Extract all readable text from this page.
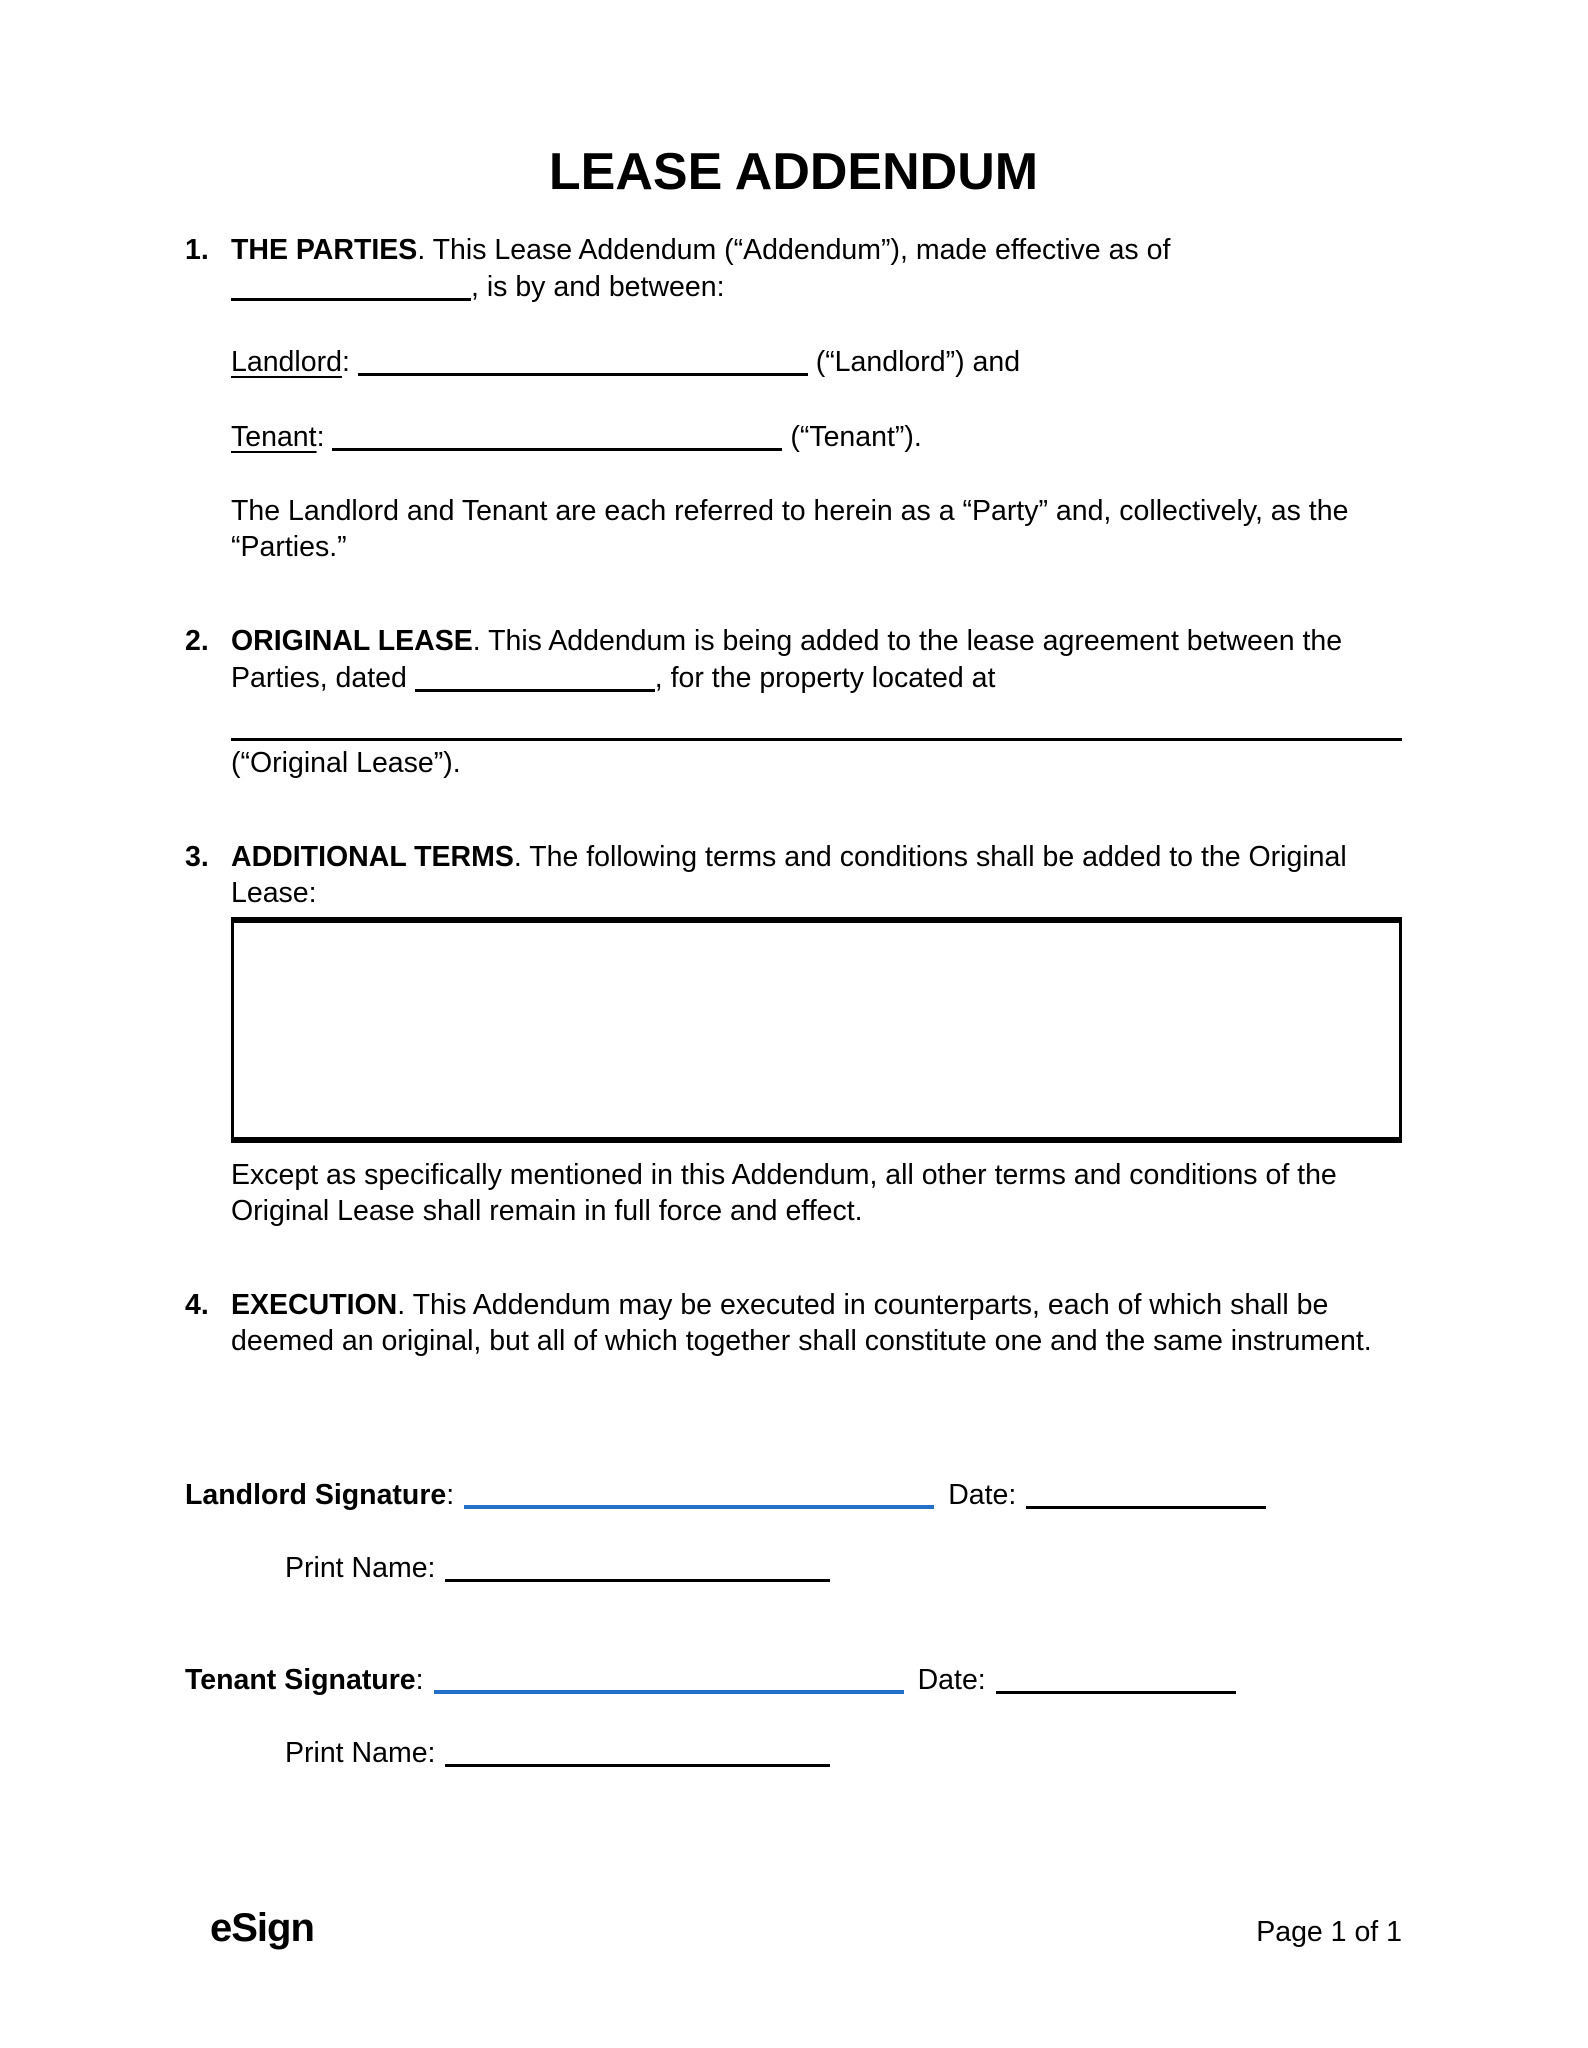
LEASE ADDENDUM
1. THE PARTIES. This Lease Addendum (“Addendum”), made effective as of , is by and between:

Landlord:	(“Landlord”) and

Tenant:	(“Tenant”).

The Landlord and Tenant are each referred to herein as a “Party” and, collectively, as the “Parties.”

2. ORIGINAL LEASE. This Addendum is being added to the lease agreement between the Parties, dated	, for the property located at

(“Original Lease”).

3. ADDITIONAL TERMS. The following terms and conditions shall be added to the Original Lease:

Except as specifically mentioned in this Addendum, all other terms and conditions of the Original Lease shall remain in full force and effect.

4. EXECUTION. This Addendum may be executed in counterparts, each of which shall be deemed an original, but all of which together shall constitute one and the same instrument.

Landlord Signature:	Date:
Print Name:
Tenant Signature:	Date:
Print Name:
eSign	Page 1 of 1
